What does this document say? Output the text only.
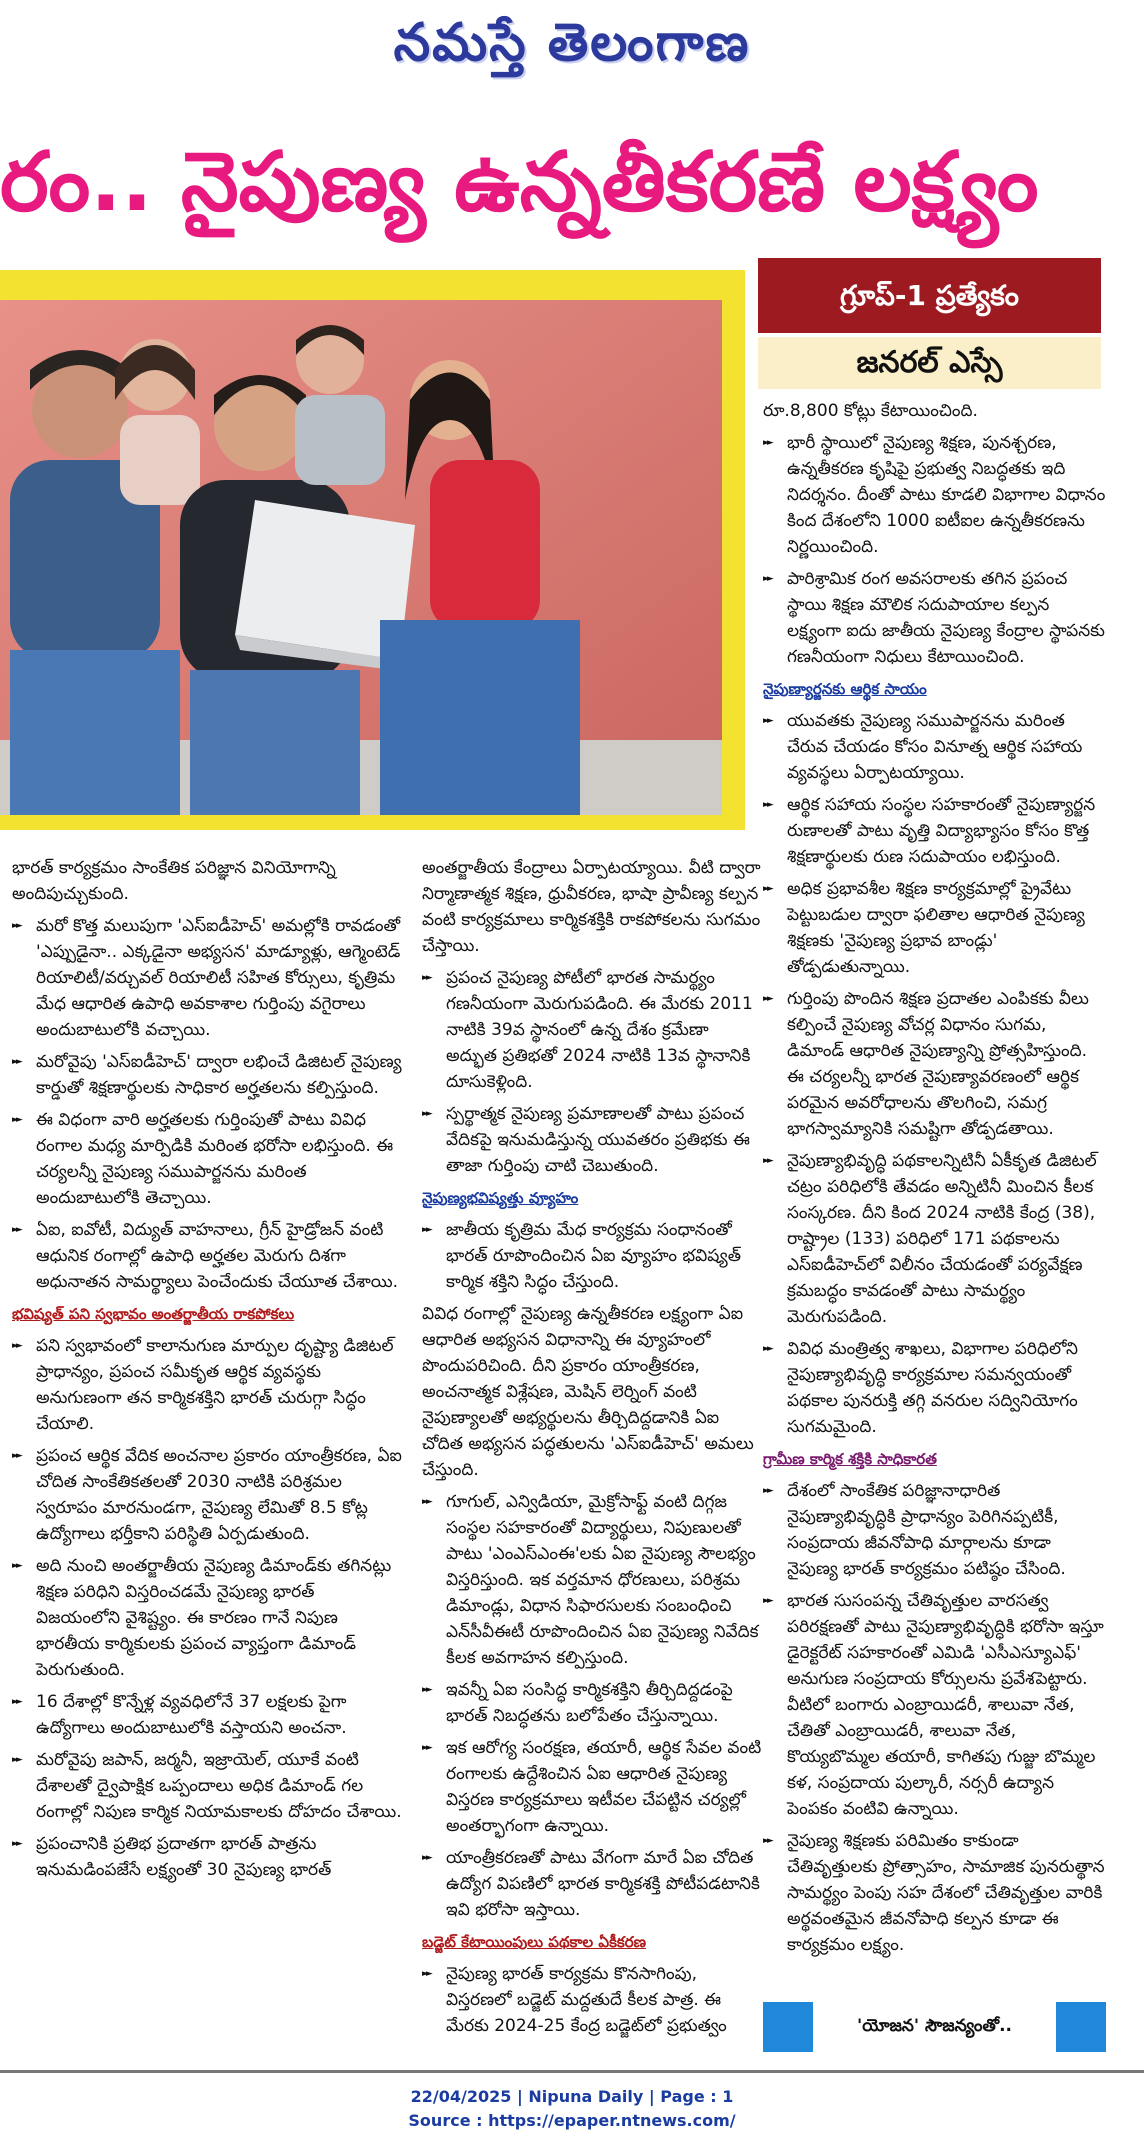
నమస్తే తెలంగాణ
రం.. నైపుణ్య ఉన్నతీకరణే లక్ష్యం
గ్రూప్-1 ప్రత్యేకం
జనరల్ ఎస్సే

భారత్ కార్యక్రమం సాంకేతిక పరిజ్ఞాన వినియోగాన్ని అందిపుచ్చుకుంది.

►► మరో కొత్త మలుపుగా 'ఎస్ఐడీహెచ్' అమల్లోకి రావడంతో 'ఎప్పుడైనా.. ఎక్కడైనా అభ్యసన' మాడ్యూళ్లు, ఆగ్మెంటెడ్ రియాలిటీ/వర్చువల్ రియాలిటీ సహిత కోర్సులు, కృత్రిమ మేధ ఆధారిత ఉపాధి అవకాశాల గుర్తింపు వగైరాలు అందుబాటులోకి వచ్చాయి.

►► మరోవైపు 'ఎస్ఐడీహెచ్' ద్వారా లభించే డిజిటల్ నైపుణ్య కార్డుతో శిక్షణార్థులకు సాధికార అర్హతలను కల్పిస్తుంది.

►► ఈ విధంగా వారి అర్హతలకు గుర్తింపుతో పాటు వివిధ రంగాల మధ్య మార్పిడికి మరింత భరోసా లభిస్తుంది. ఈ చర్యలన్నీ నైపుణ్య సముపార్జనను మరింత అందుబాటులోకి తెచ్చాయి.

►► ఏఐ, ఐవోటీ, విద్యుత్ వాహనాలు, గ్రీన్ హైడ్రోజన్ వంటి ఆధునిక రంగాల్లో ఉపాధి అర్హతల మెరుగు దిశగా అధునాతన సామర్థ్యాలు పెంచేందుకు చేయూత చేశాయి.

భవిష్యత్ పని స్వభావం అంతర్జాతీయ రాకపోకలు

►► పని స్వభావంలో కాలానుగుణ మార్పుల దృష్ట్యా డిజిటల్ ప్రాధాన్యం, ప్రపంచ సమీకృత ఆర్థిక వ్యవస్థకు అనుగుణంగా తన కార్మికశక్తిని భారత్ చురుగ్గా సిద్ధం చేయాలి.

►► ప్రపంచ ఆర్థిక వేదిక అంచనాల ప్రకారం యాంత్రీకరణ, ఏఐ చోదిత సాంకేతికతలతో 2030 నాటికి పరిశ్రమల స్వరూపం మారనుండగా, నైపుణ్య లేమితో 8.5 కోట్ల ఉద్యోగాలు భర్తీకాని పరిస్థితి ఏర్పడుతుంది.

►► అది నుంచి అంతర్జాతీయ నైపుణ్య డిమాండ్‌కు తగినట్లు శిక్షణ పరిధిని విస్తరించడమే నైపుణ్య భారత్ విజయంలోని వైశిష్ట్యం. ఈ కారణం గానే నిపుణ భారతీయ కార్మికులకు ప్రపంచ వ్యాప్తంగా డిమాండ్ పెరుగుతుంది.

►► 16 దేశాల్లో కొన్నేళ్ల వ్యవధిలోనే 37 లక్షలకు పైగా ఉద్యోగాలు అందుబాటులోకి వస్తాయని అంచనా.

►► మరోవైపు జపాన్, జర్మనీ, ఇజ్రాయెల్, యూకే వంటి దేశాలతో ద్వైపాక్షిక ఒప్పందాలు అధిక డిమాండ్ గల రంగాల్లో నిపుణ కార్మిక నియామకాలకు దోహదం చేశాయి.

►► ప్రపంచానికి ప్రతిభ ప్రదాతగా భారత్ పాత్రను ఇనుమడింపజేసే లక్ష్యంతో 30 నైపుణ్య భారత్

అంతర్జాతీయ కేంద్రాలు ఏర్పాటయ్యాయి. వీటి ద్వారా నిర్మాణాత్మక శిక్షణ, ధ్రువీకరణ, భాషా ప్రావీణ్య కల్పన వంటి కార్యక్రమాలు కార్మికశక్తికి రాకపోకలను సుగమం చేస్తాయి.

►► ప్రపంచ నైపుణ్య పోటీలో భారత సామర్థ్యం గణనీయంగా మెరుగుపడింది. ఈ మేరకు 2011 నాటికి 39వ స్థానంలో ఉన్న దేశం క్రమేణా అద్భుత ప్రతిభతో 2024 నాటికి 13వ స్థానానికి దూసుకెళ్లింది.

►► స్పర్థాత్మక నైపుణ్య ప్రమాణాలతో పాటు ప్రపంచ వేదికపై ఇనుమడిస్తున్న యువతరం ప్రతిభకు ఈ తాజా గుర్తింపు చాటి చెబుతుంది.

నైపుణ్యభవిష్యత్తు వ్యూహం

►► జాతీయ కృత్రిమ మేధ కార్యక్రమ సంధానంతో భారత్ రూపొందించిన ఏఐ వ్యూహం భవిష్యత్ కార్మిక శక్తిని సిద్ధం చేస్తుంది.

వివిధ రంగాల్లో నైపుణ్య ఉన్నతీకరణ లక్ష్యంగా ఏఐ ఆధారిత అభ్యసన విధానాన్ని ఈ వ్యూహంలో పొందుపరిచింది. దీని ప్రకారం యాంత్రీకరణ, అంచనాత్మక విశ్లేషణ, మెషిన్ లెర్నింగ్ వంటి నైపుణ్యాలతో అభ్యర్థులను తీర్చిదిద్దడానికి ఏఐ చోదిత అభ్యసన పద్ధతులను 'ఎస్ఐడీహెచ్' అమలు చేస్తుంది.

►► గూగుల్, ఎన్విడియా, మైక్రోసాఫ్ట్ వంటి దిగ్గజ సంస్థల సహకారంతో విద్యార్థులు, నిపుణులతో పాటు 'ఎంఎస్ఎంఈ'లకు ఏఐ నైపుణ్య సౌలభ్యం విస్తరిస్తుంది. ఇక వర్తమాన ధోరణులు, పరిశ్రమ డిమాండ్లు, విధాన సిఫారసులకు సంబంధించి ఎన్‌సీవీఈటీ రూపొందించిన ఏఐ నైపుణ్య నివేదిక కీలక అవగాహన కల్పిస్తుంది.

►► ఇవన్నీ ఏఐ సంసిద్ధ కార్మికశక్తిని తీర్చిదిద్దడంపై భారత్ నిబద్ధతను బలోపేతం చేస్తున్నాయి.

►► ఇక ఆరోగ్య సంరక్షణ, తయారీ, ఆర్థిక సేవల వంటి రంగాలకు ఉద్దేశించిన ఏఐ ఆధారిత నైపుణ్య విస్తరణ కార్యక్రమాలు ఇటీవల చేపట్టిన చర్యల్లో అంతర్భాగంగా ఉన్నాయి.

►► యాంత్రీకరణతో పాటు వేగంగా మారే ఏఐ చోదిత ఉద్యోగ విపణిలో భారత కార్మికశక్తి పోటీపడటానికి ఇవి భరోసా ఇస్తాయి.

బడ్జెట్ కేటాయింపులు పథకాల ఏకీకరణ

►► నైపుణ్య భారత్ కార్యక్రమ కొనసాగింపు, విస్తరణలో బడ్జెట్ మద్దతుదే కీలక పాత్ర. ఈ మేరకు 2024-25 కేంద్ర బడ్జెట్‌లో ప్రభుత్వం

రూ.8,800 కోట్లు కేటాయించింది.

►► భారీ స్థాయిలో నైపుణ్య శిక్షణ, పునశ్చరణ, ఉన్నతీకరణ కృషిపై ప్రభుత్వ నిబద్ధతకు ఇది నిదర్శనం. దీంతో పాటు కూడలి విభాగాల విధానం కింద దేశంలోని 1000 ఐటీఐల ఉన్నతీకరణను నిర్ణయించింది.

►► పారిశ్రామిక రంగ అవసరాలకు తగిన ప్రపంచ స్థాయి శిక్షణ మౌలిక సదుపాయాల కల్పన లక్ష్యంగా ఐదు జాతీయ నైపుణ్య కేంద్రాల స్థాపనకు గణనీయంగా నిధులు కేటాయించింది.

నైపుణ్యార్జనకు ఆర్థిక సాయం

►► యువతకు నైపుణ్య సముపార్జనను మరింత చేరువ చేయడం కోసం వినూత్న ఆర్థిక సహాయ వ్యవస్థలు ఏర్పాటయ్యాయి.

►► ఆర్థిక సహాయ సంస్థల సహకారంతో నైపుణ్యార్జన రుణాలతో పాటు వృత్తి విద్యాభ్యాసం కోసం కొత్త శిక్షణార్థులకు రుణ సదుపాయం లభిస్తుంది.

►► అధిక ప్రభావశీల శిక్షణ కార్యక్రమాల్లో ప్రైవేటు పెట్టుబడుల ద్వారా ఫలితాల ఆధారిత నైపుణ్య శిక్షణకు 'నైపుణ్య ప్రభావ బాండ్లు' తోడ్పడుతున్నాయి.

►► గుర్తింపు పొందిన శిక్షణ ప్రదాతల ఎంపికకు వీలు కల్పించే నైపుణ్య వోచర్ల విధానం సుగమ, డిమాండ్ ఆధారిత నైపుణ్యాన్ని ప్రోత్సహిస్తుంది. ఈ చర్యలన్నీ భారత నైపుణ్యావరణంలో ఆర్థిక పరమైన అవరోధాలను తొలగించి, సమగ్ర భాగస్వామ్యానికి సమష్టిగా తోడ్పడతాయి.

►► నైపుణ్యాభివృద్ధి పథకాలన్నిటినీ ఏకీకృత డిజిటల్ చట్రం పరిధిలోకి తేవడం అన్నిటినీ మించిన కీలక సంస్కరణ. దీని కింద 2024 నాటికి కేంద్ర (38), రాష్ట్రాల (133) పరిధిలో 171 పథకాలను ఎస్ఐడీహెచ్‌లో విలీనం చేయడంతో పర్యవేక్షణ క్రమబద్ధం కావడంతో పాటు సామర్థ్యం మెరుగుపడింది.

►► వివిధ మంత్రిత్వ శాఖలు, విభాగాల పరిధిలోని నైపుణ్యాభివృద్ధి కార్యక్రమాల సమన్వయంతో పథకాల పునరుక్తి తగ్గి వనరుల సద్వినియోగం సుగమమైంది.

గ్రామీణ కార్మిక శక్తికి సాధికారత

►► దేశంలో సాంకేతిక పరిజ్ఞానాధారిత నైపుణ్యాభివృద్ధికి ప్రాధాన్యం పెరిగినప్పటికీ, సంప్రదాయ జీవనోపాధి మార్గాలను కూడా నైపుణ్య భారత్ కార్యక్రమం పటిష్ఠం చేసింది.

►► భారత సుసంపన్న చేతివృత్తుల వారసత్వ పరిరక్షణతో పాటు నైపుణ్యాభివృద్ధికి భరోసా ఇస్తూ డైరెక్టరేట్ సహకారంతో ఎమిడి 'ఎసీఎస్యూఎఫ్' అనుగుణ సంప్రదాయ కోర్సులను ప్రవేశపెట్టారు. వీటిలో బంగారు ఎంబ్రాయిడరీ, శాలువా నేత, చేతితో ఎంబ్రాయిడరీ, శాలువా నేత, కొయ్యబొమ్మల తయారీ, కాగితపు గుజ్జు బొమ్మల కళ, సంప్రదాయ పుల్కారీ, నర్సరీ ఉద్యాన పెంపకం వంటివి ఉన్నాయి.

►► నైపుణ్య శిక్షణకు పరిమితం కాకుండా చేతివృత్తులకు ప్రోత్సాహం, సామాజిక పునరుత్థాన సామర్థ్యం పెంపు సహ దేశంలో చేతివృత్తుల వారికి అర్థవంతమైన జీవనోపాధి కల్పన కూడా ఈ కార్యక్రమం లక్ష్యం.

'యోజన' సౌజన్యంతో..
22/04/2025 | Nipuna Daily | Page : 1
Source : https://epaper.ntnews.com/
